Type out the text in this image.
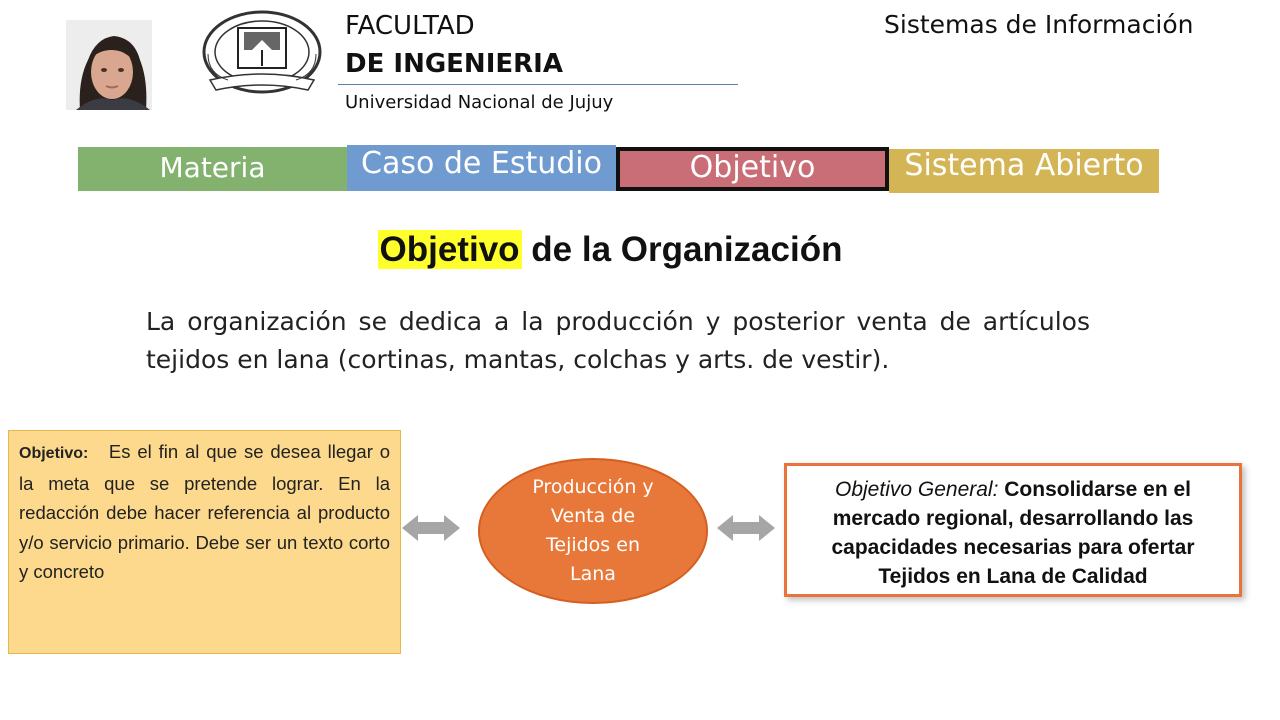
FACULTAD
DE INGENIERIA
Universidad Nacional de Jujuy
Sistemas de Información
Materia	Caso de Estudio	Objetivo	Sistema Abierto
Objetivo de la Organización
La organización se dedica a la producción y posterior venta de artículos tejidos en lana (cortinas, mantas, colchas y arts. de vestir).
Objetivo: Es el fin al que se desea llegar o la meta que se pretende lograr. En la redacción debe hacer referencia al producto y/o servicio primario. Debe ser un texto corto y concreto
Producción y Venta de Tejidos en Lana
Objetivo General: Consolidarse en el mercado regional, desarrollando las capacidades necesarias para ofertar Tejidos en Lana de Calidad
